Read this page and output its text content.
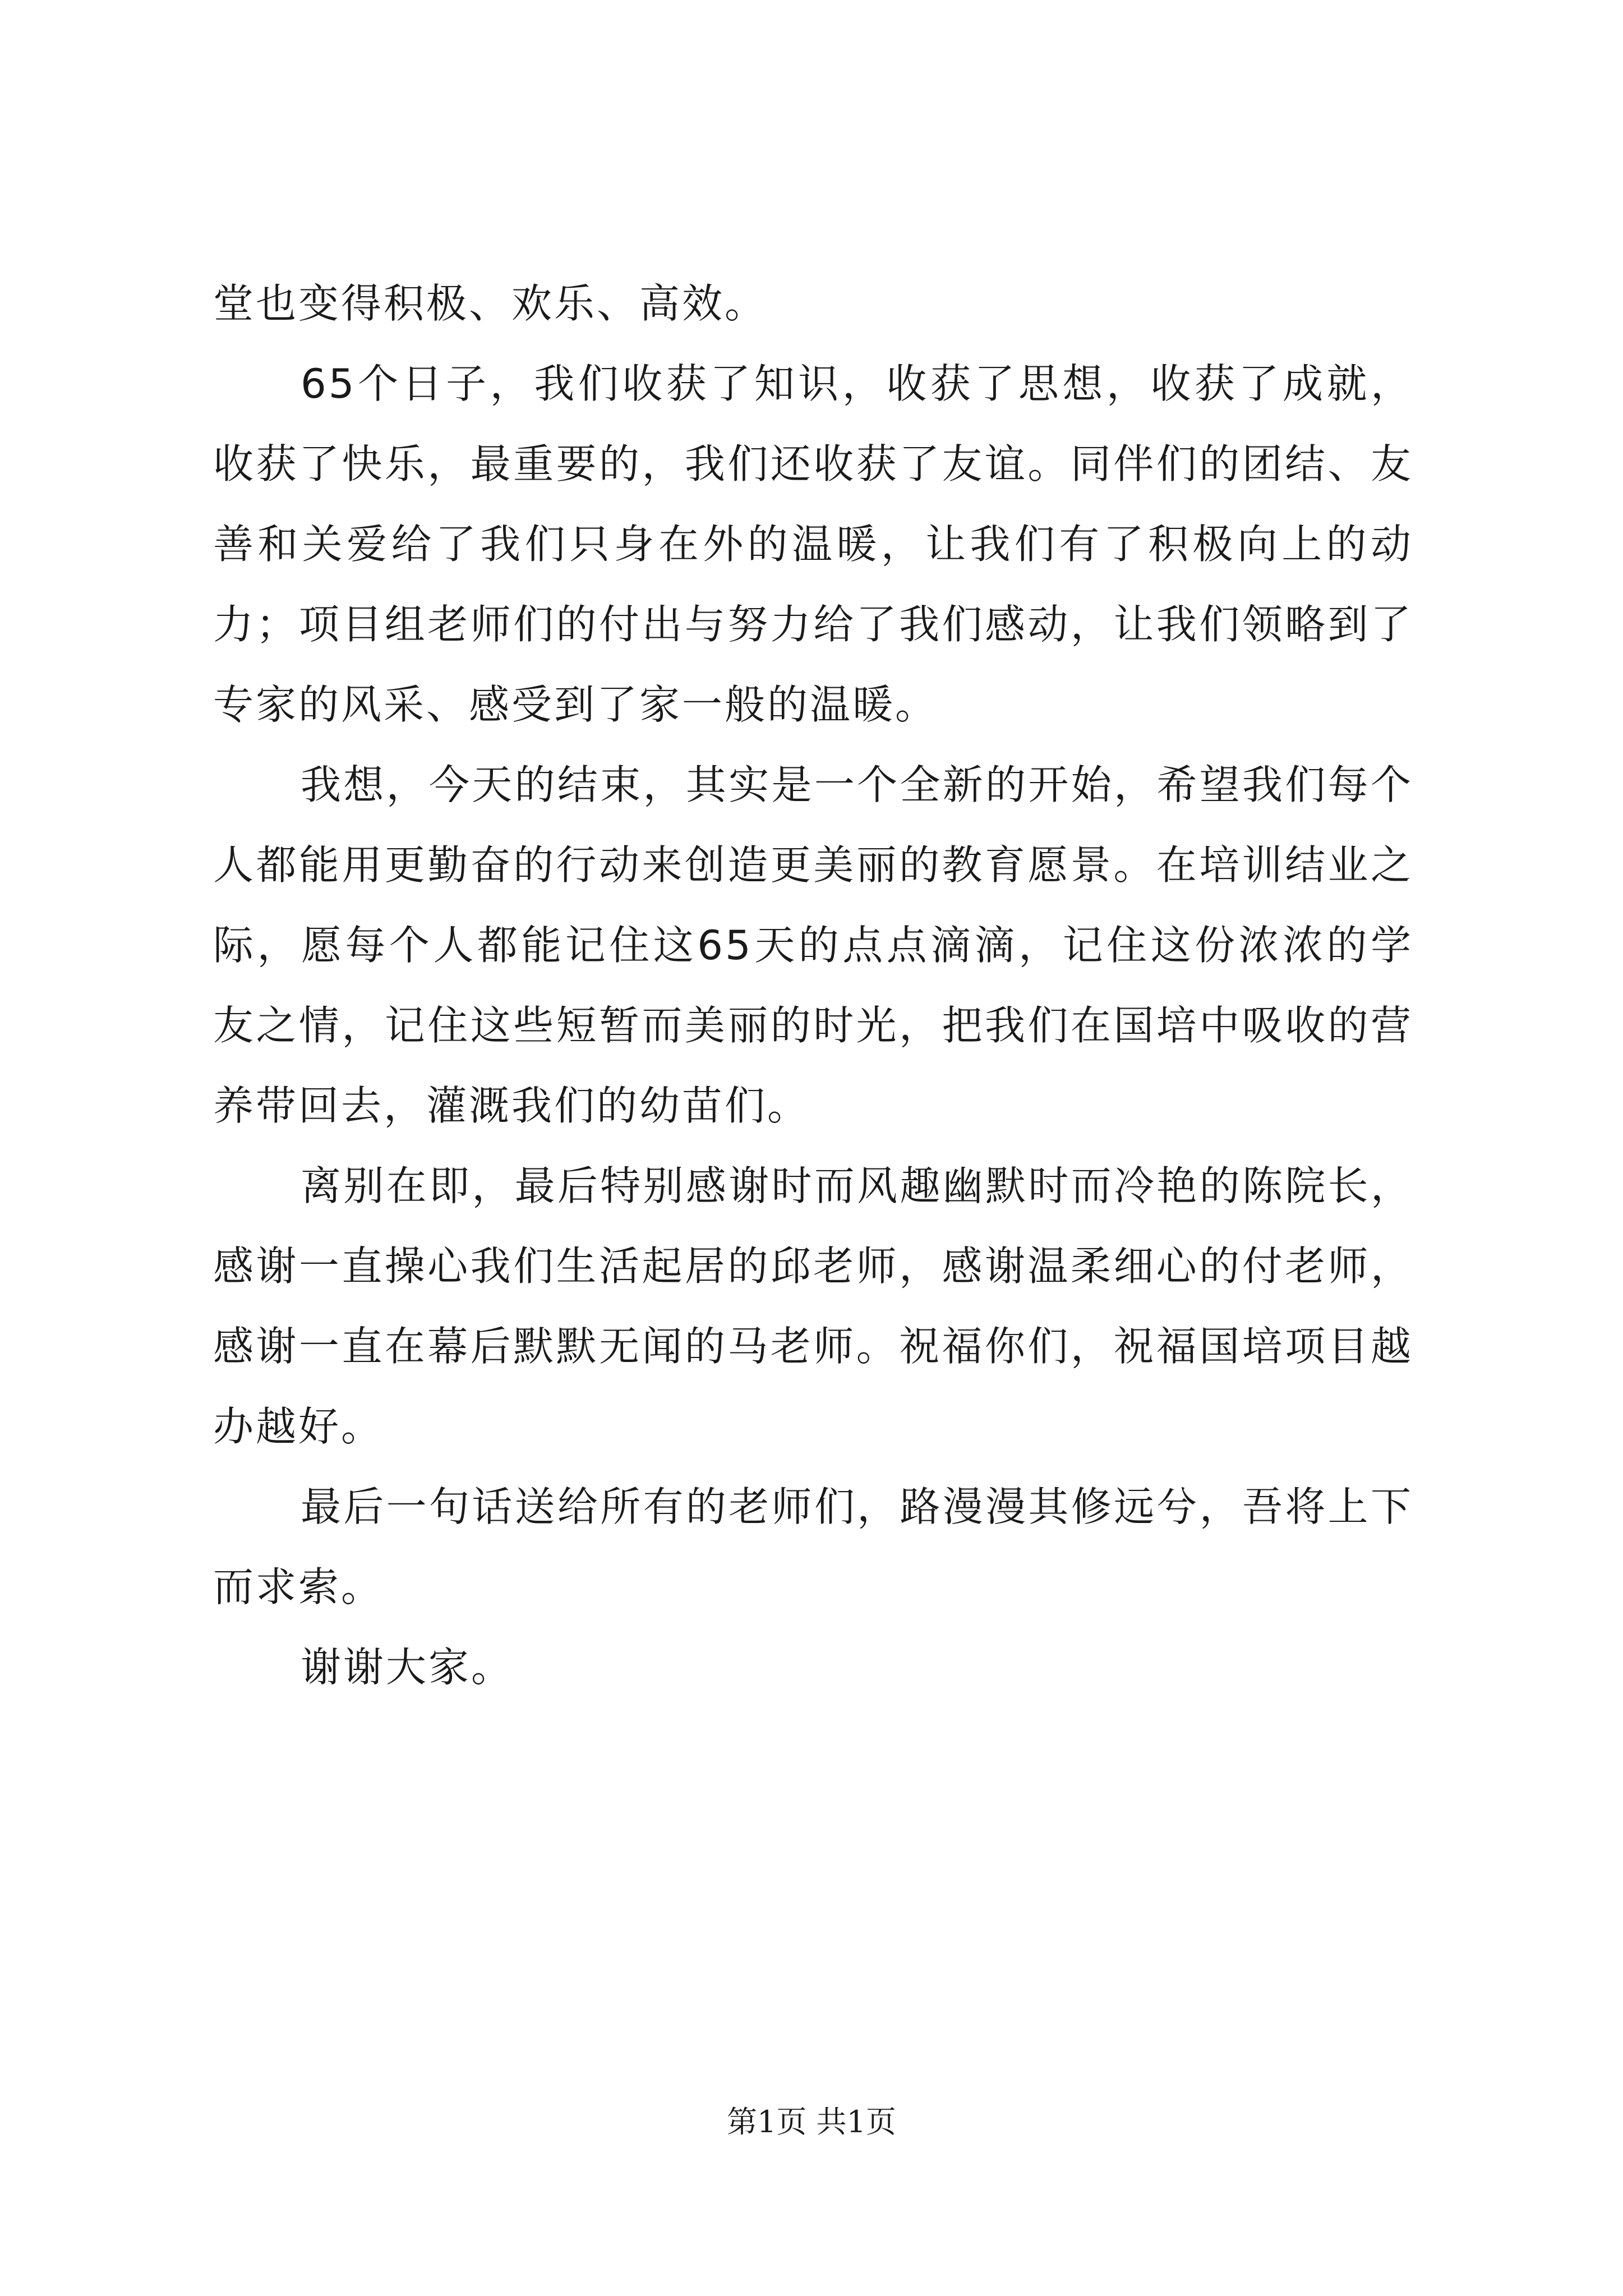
堂也变得积极、欢乐、高效。

65个日子，我们收获了知识，收获了思想，收获了成就，收获了快乐，最重要的，我们还收获了友谊。同伴们的团结、友善和关爱给了我们只身在外的温暖，让我们有了积极向上的动力；项目组老师们的付出与努力给了我们感动，让我们领略到了专家的风采、感受到了家一般的温暖。

我想，今天的结束，其实是一个全新的开始，希望我们每个人都能用更勤奋的行动来创造更美丽的教育愿景。在培训结业之际，愿每个人都能记住这65天的点点滴滴，记住这份浓浓的学友之情，记住这些短暂而美丽的时光，把我们在国培中吸收的营养带回去，灌溉我们的幼苗们。

离别在即，最后特别感谢时而风趣幽默时而冷艳的陈院长，感谢一直操心我们生活起居的邱老师，感谢温柔细心的付老师，感谢一直在幕后默默无闻的马老师。祝福你们，祝福国培项目越办越好。

最后一句话送给所有的老师们，路漫漫其修远兮，吾将上下而求索。

谢谢大家。

第1页 共1页
